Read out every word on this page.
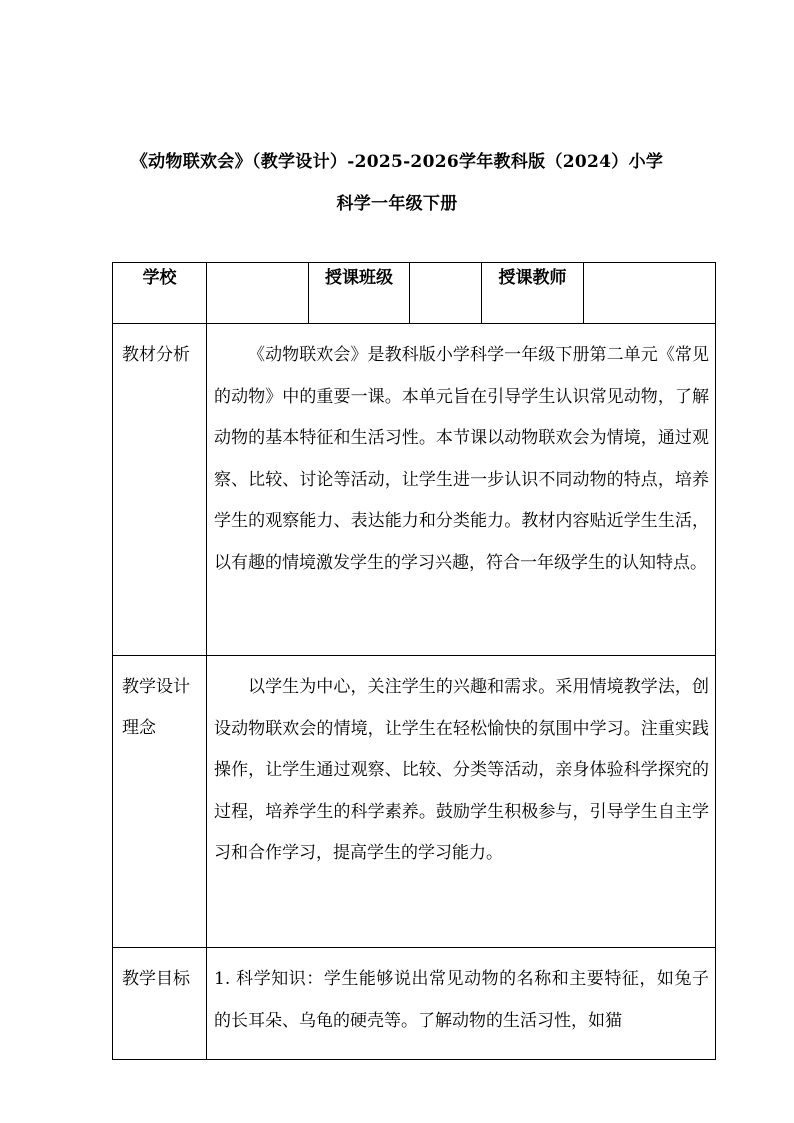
《动物联欢会》（教学设计）-2025-2026学年教科版（2024）小学
科学一年级下册
学校		授课班级		授课教师	
教材分析	《动物联欢会》是教科版小学科学一年级下册第二单元《常见的动物》中的重要一课。本单元旨在引导学生认识常见动物，了解动物的基本特征和生活习性。本节课以动物联欢会为情境，通过观察、比较、讨论等活动，让学生进一步认识不同动物的特点，培养学生的观察能力、表达能力和分类能力。教材内容贴近学生生活，以有趣的情境激发学生的学习兴趣，符合一年级学生的认知特点。				
教学设计理念	以学生为中心，关注学生的兴趣和需求。采用情境教学法，创设动物联欢会的情境，让学生在轻松愉快的氛围中学习。注重实践操作，让学生通过观察、比较、分类等活动，亲身体验科学探究的过程，培养学生的科学素养。鼓励学生积极参与，引导学生自主学习和合作学习，提高学生的学习能力。				
教学目标	1. 科学知识：学生能够说出常见动物的名称和主要特征，如兔子的长耳朵、乌龟的硬壳等。了解动物的生活习性，如猫				
